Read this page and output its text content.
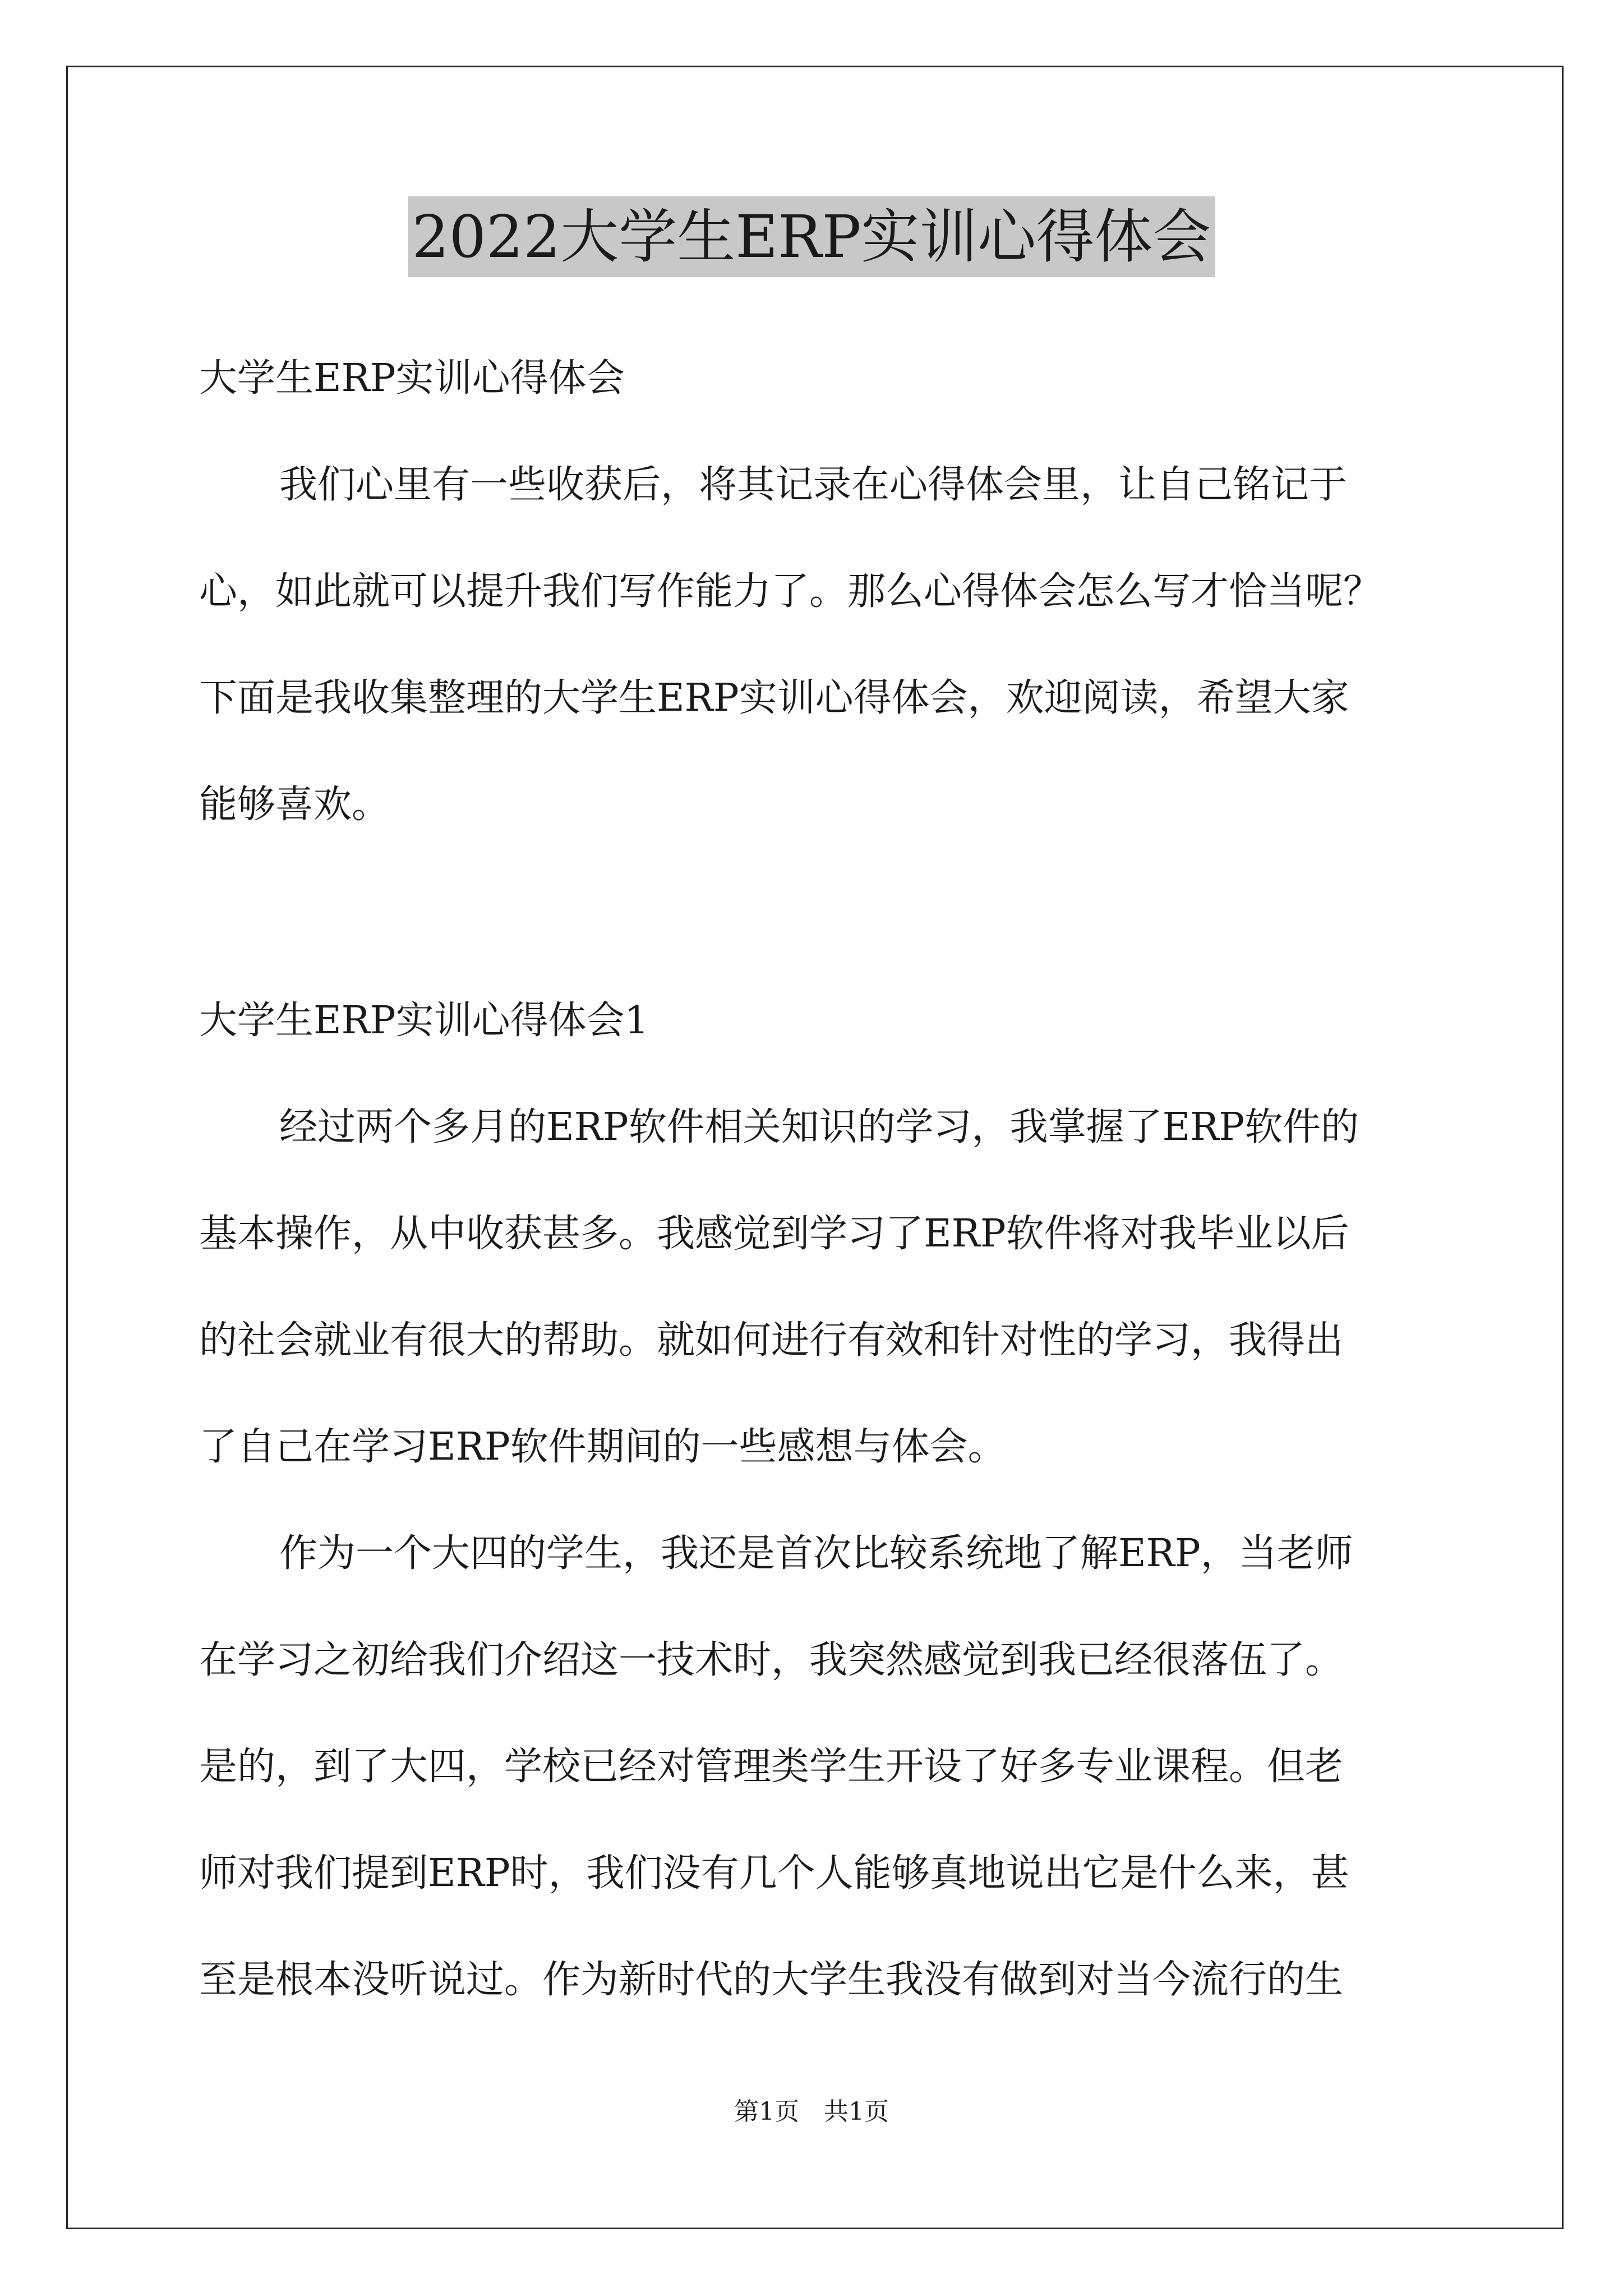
2022大学生ERP实训心得体会
大学生ERP实训心得体会
我们心里有一些收获后，将其记录在心得体会里，让自己铭记于
心，如此就可以提升我们写作能力了。那么心得体会怎么写才恰当呢？
下面是我收集整理的大学生ERP实训心得体会，欢迎阅读，希望大家
能够喜欢。
大学生ERP实训心得体会1
经过两个多月的ERP软件相关知识的学习，我掌握了ERP软件的
基本操作，从中收获甚多。我感觉到学习了ERP软件将对我毕业以后
的社会就业有很大的帮助。就如何进行有效和针对性的学习，我得出
了自己在学习ERP软件期间的一些感想与体会。
作为一个大四的学生，我还是首次比较系统地了解ERP，当老师
在学习之初给我们介绍这一技术时，我突然感觉到我已经很落伍了。
是的，到了大四，学校已经对管理类学生开设了好多专业课程。但老
师对我们提到ERP时，我们没有几个人能够真地说出它是什么来，甚
至是根本没听说过。作为新时代的大学生我没有做到对当今流行的生
第1页 共1页
